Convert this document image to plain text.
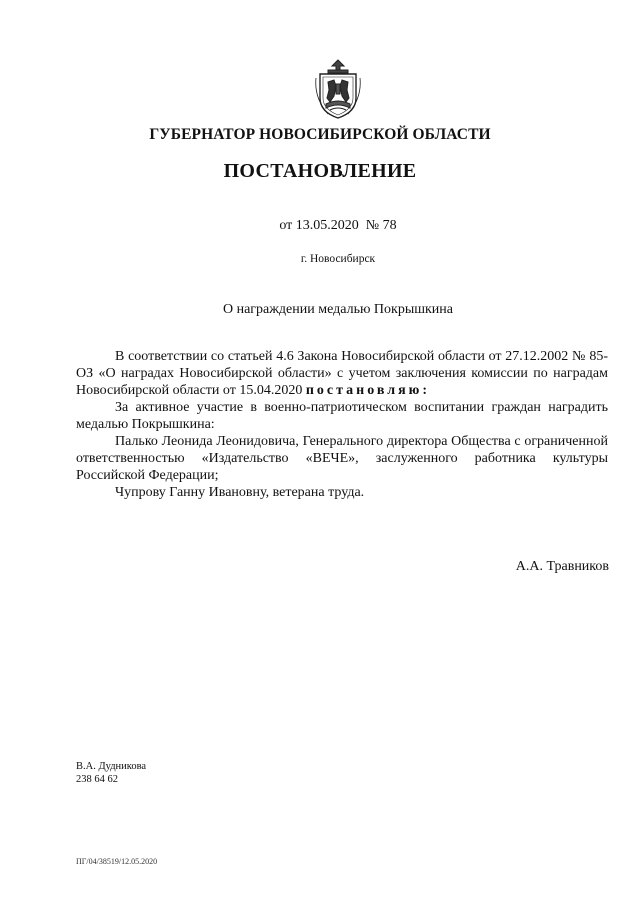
ГУБЕРНАТОР НОВОСИБИРСКОЙ ОБЛАСТИ
ПОСТАНОВЛЕНИЕ
от 13.05.2020 № 78
г. Новосибирск
О награждении медалью Покрышкина

В соответствии со статьей 4.6 Закона Новосибирской области от 27.12.2002 № 85-ОЗ «О наградах Новосибирской области» с учетом заключения комиссии по наградам Новосибирской области от 15.04.2020 постановляю:

За активное участие в военно-патриотическом воспитании граждан наградить медалью Покрышкина:

Палько Леонида Леонидовича, Генерального директора Общества с ограниченной ответственностью «Издательство «ВЕЧЕ», заслуженного работника культуры Российской Федерации;

Чупрову Ганну Ивановну, ветерана труда.

А.А. Травников
В.А. Дудникова
238 64 62
ПГ/04/38519/12.05.2020
